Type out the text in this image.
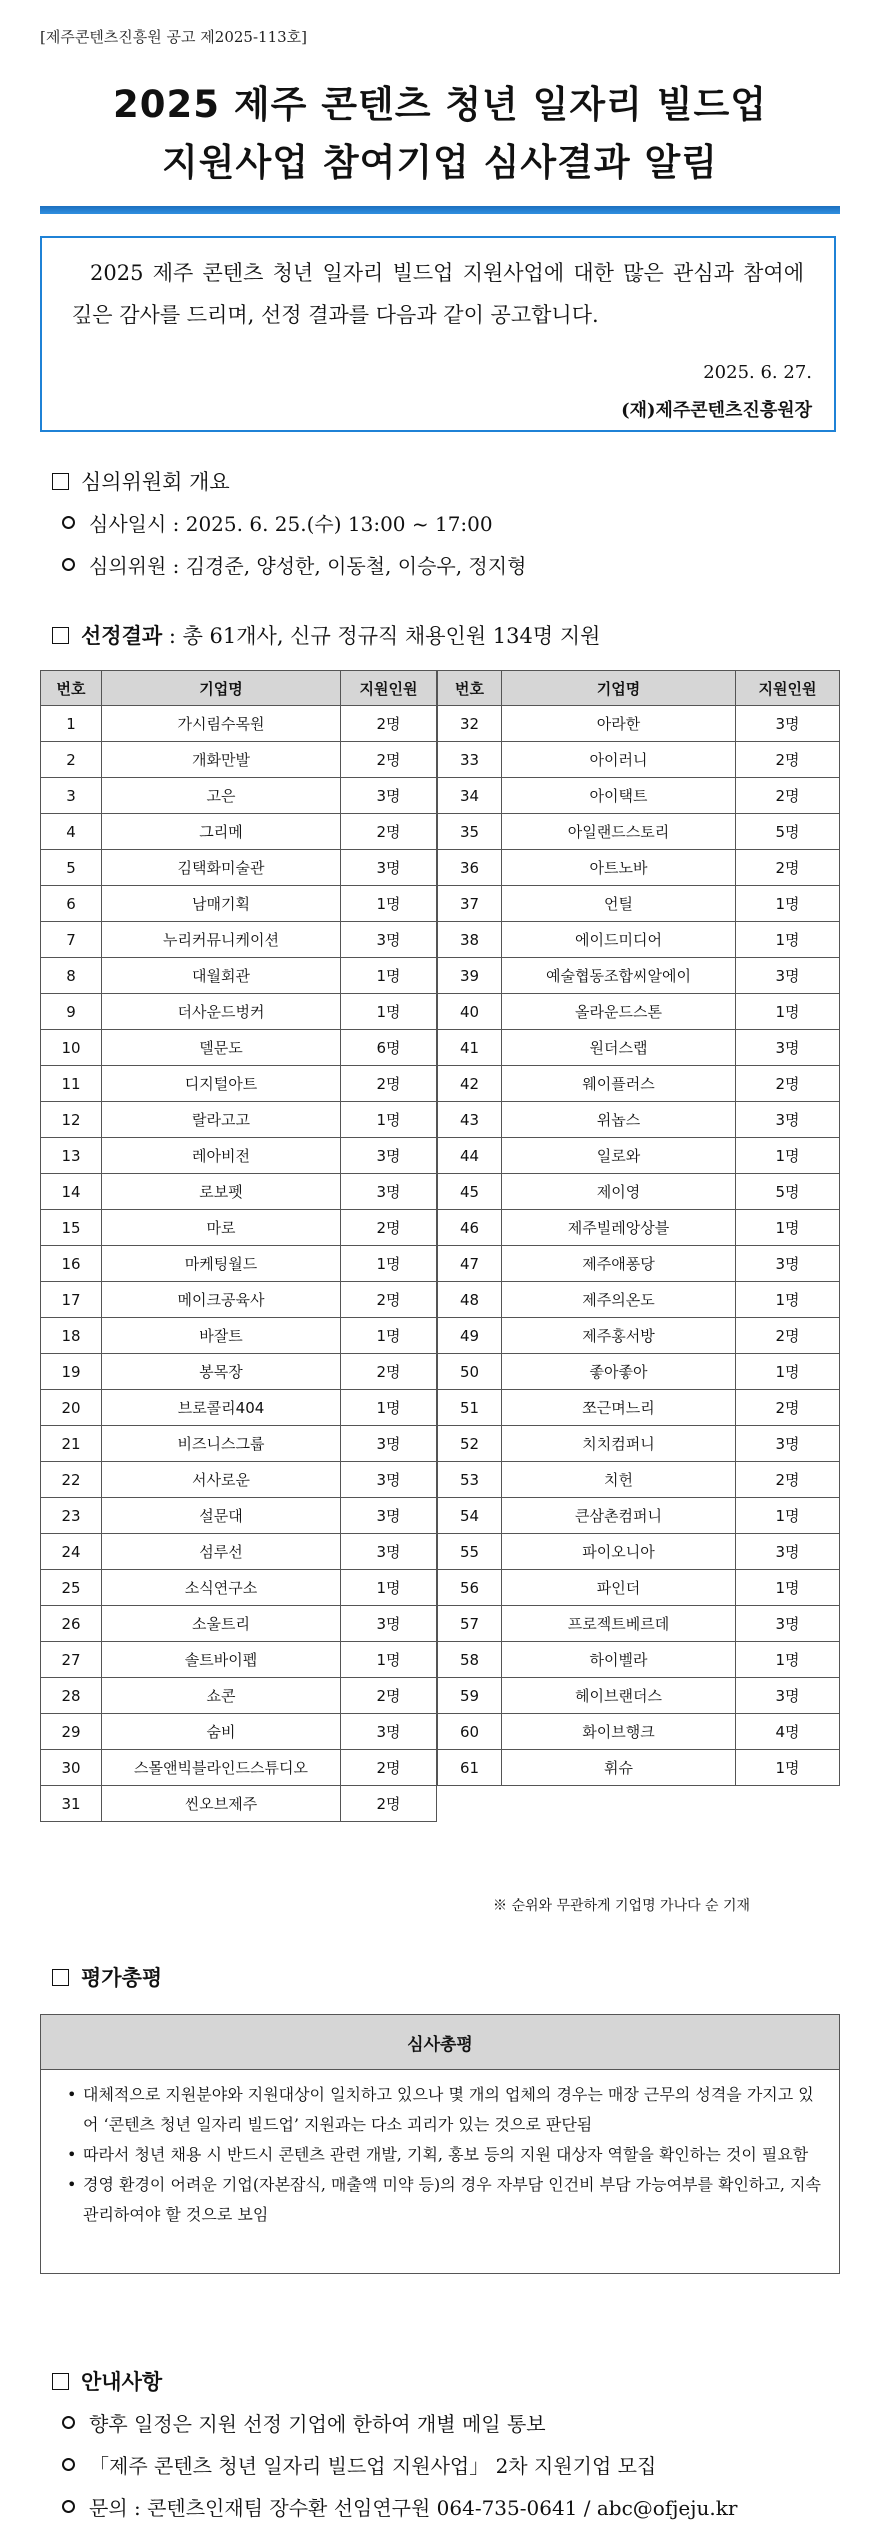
[제주콘텐츠진흥원 공고 제2025-113호]
2025 제주 콘텐츠 청년 일자리 빌드업
지원사업 참여기업 심사결과 알림

2025 제주 콘텐츠 청년 일자리 빌드업 지원사업에 대한 많은 관심과 참여에 깊은 감사를 드리며, 선정 결과를 다음과 같이 공고합니다.

2025. 6. 27.
(재)제주콘텐츠진흥원장
심의위원회 개요
심사일시 : 2025. 6. 25.(수) 13:00 ~ 17:00
심의위원 : 김경준, 양성한, 이동철, 이승우, 정지형
선정결과 : 총 61개사, 신규 정규직 채용인원 134명 지원
번호	기업명	지원인원
1	가시림수목원	2명
2	개화만발	2명
3	고은	3명
4	그리메	2명
5	김택화미술관	3명
6	남매기획	1명
7	누리커뮤니케이션	3명
8	대월회관	1명
9	더사운드벙커	1명
10	델문도	6명
11	디지털아트	2명
12	랄라고고	1명
13	레아비전	3명
14	로보펫	3명
15	마로	2명
16	마케팅월드	1명
17	메이크공육사	2명
18	바잘트	1명
19	봉목장	2명
20	브로콜리404	1명
21	비즈니스그룹	3명
22	서사로운	3명
23	설문대	3명
24	섬루선	3명
25	소식연구소	1명
26	소울트리	3명
27	솔트바이펩	1명
28	쇼콘	2명
29	숨비	3명
30	스몰앤빅블라인드스튜디오	2명
31	씬오브제주	2명
번호	기업명	지원인원
32	아라한	3명
33	아이러니	2명
34	아이택트	2명
35	아일랜드스토리	5명
36	아트노바	2명
37	언틸	1명
38	에이드미디어	1명
39	예술협동조합씨알에이	3명
40	올라운드스톤	1명
41	원더스랩	3명
42	웨이플러스	2명
43	위놉스	3명
44	일로와	1명
45	제이영	5명
46	제주빌레앙상블	1명
47	제주애퐁당	3명
48	제주의온도	1명
49	제주홍서방	2명
50	좋아좋아	1명
51	쪼근며느리	2명
52	치치컴퍼니	3명
53	치헌	2명
54	큰삼촌컴퍼니	1명
55	파이오니아	3명
56	파인더	1명
57	프로젝트베르데	3명
58	하이벨라	1명
59	헤이브랜더스	3명
60	화이브행크	4명
61	휘슈	1명
※ 순위와 무관하게 기업명 가나다 순 기재
평가총평
심사총평
• 대체적으로 지원분야와 지원대상이 일치하고 있으나 몇 개의 업체의 경우는 매장 근무의 성격을 가지고 있어 ‘콘텐츠 청년 일자리 빌드업’ 지원과는 다소 괴리가 있는 것으로 판단됨
• 따라서 청년 채용 시 반드시 콘텐츠 관련 개발, 기획, 홍보 등의 지원 대상자 역할을 확인하는 것이 필요함
• 경영 환경이 어려운 기업(자본잠식, 매출액 미약 등)의 경우 자부담 인건비 부담 가능여부를 확인하고, 지속관리하여야 할 것으로 보임
안내사항
향후 일정은 지원 선정 기업에 한하여 개별 메일 통보
「제주 콘텐츠 청년 일자리 빌드업 지원사업」 2차 지원기업 모집
문의 : 콘텐츠인재팀 장수환 선임연구원 064-735-0641 / abc@ofjeju.kr
